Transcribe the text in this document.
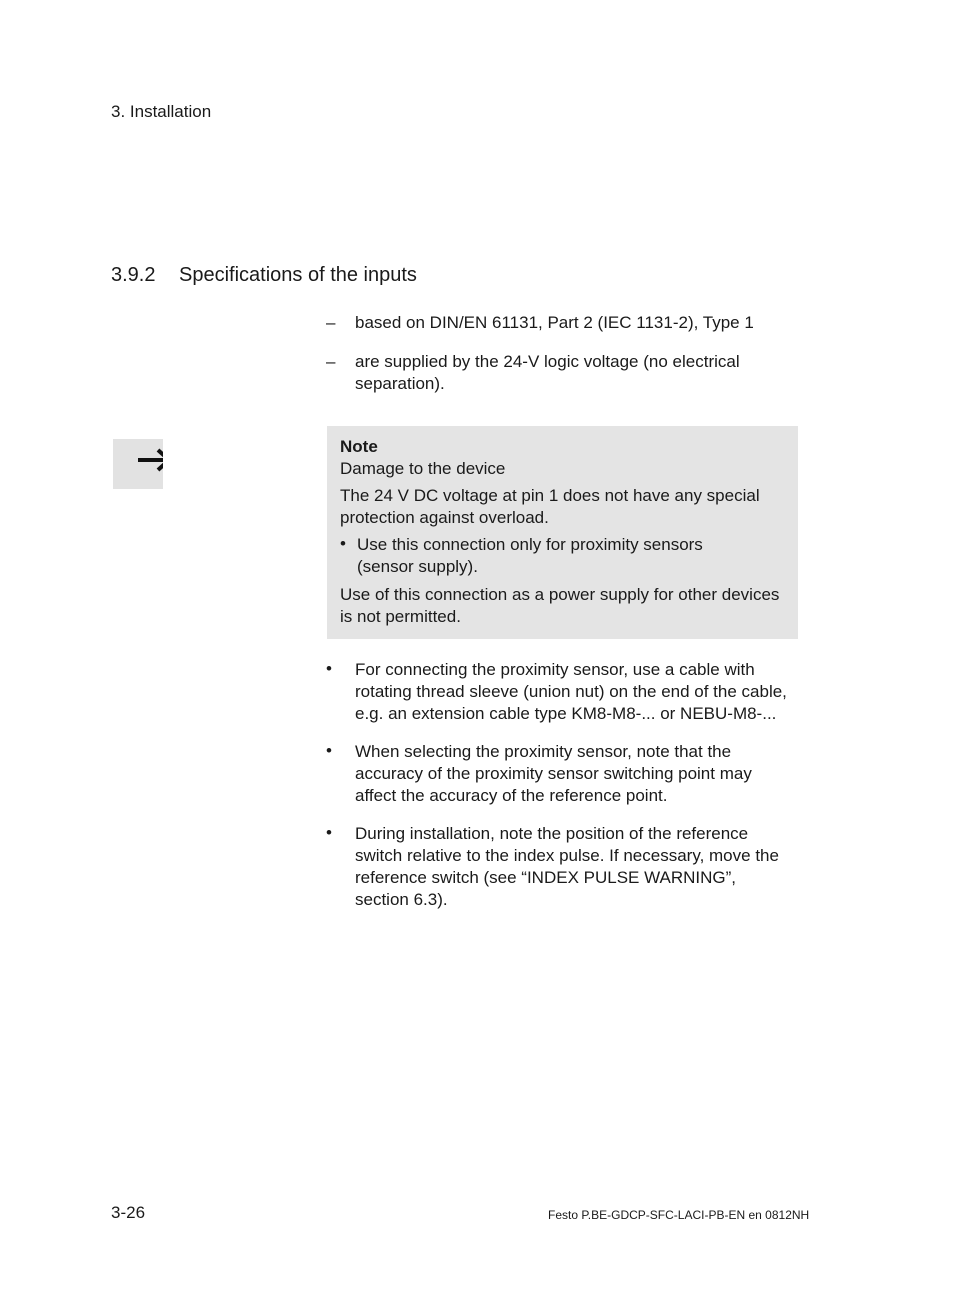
3. Installation
3.9.2 Specifications of the inputs
– based on DIN/EN 61131, Part 2 (IEC 1131-2), Type 1
– are supplied by the 24-V logic voltage (no electrical separation).
Note
Damage to the device
The 24 V DC voltage at pin 1 does not have any special protection against overload.
• Use this connection only for proximity sensors (sensor supply).
Use of this connection as a power supply for other devices is not permitted.
• For connecting the proximity sensor, use a cable with rotating thread sleeve (union nut) on the end of the cable, e.g. an extension cable type KM8-M8-... or NEBU-M8-...
• When selecting the proximity sensor, note that the accuracy of the proximity sensor switching point may affect the accuracy of the reference point.
• During installation, note the position of the reference switch relative to the index pulse. If necessary, move the reference switch (see “INDEX PULSE WARNING”, section 6.3).
3-26	Festo P.BE-GDCP-SFC-LACI-PB-EN en 0812NH
